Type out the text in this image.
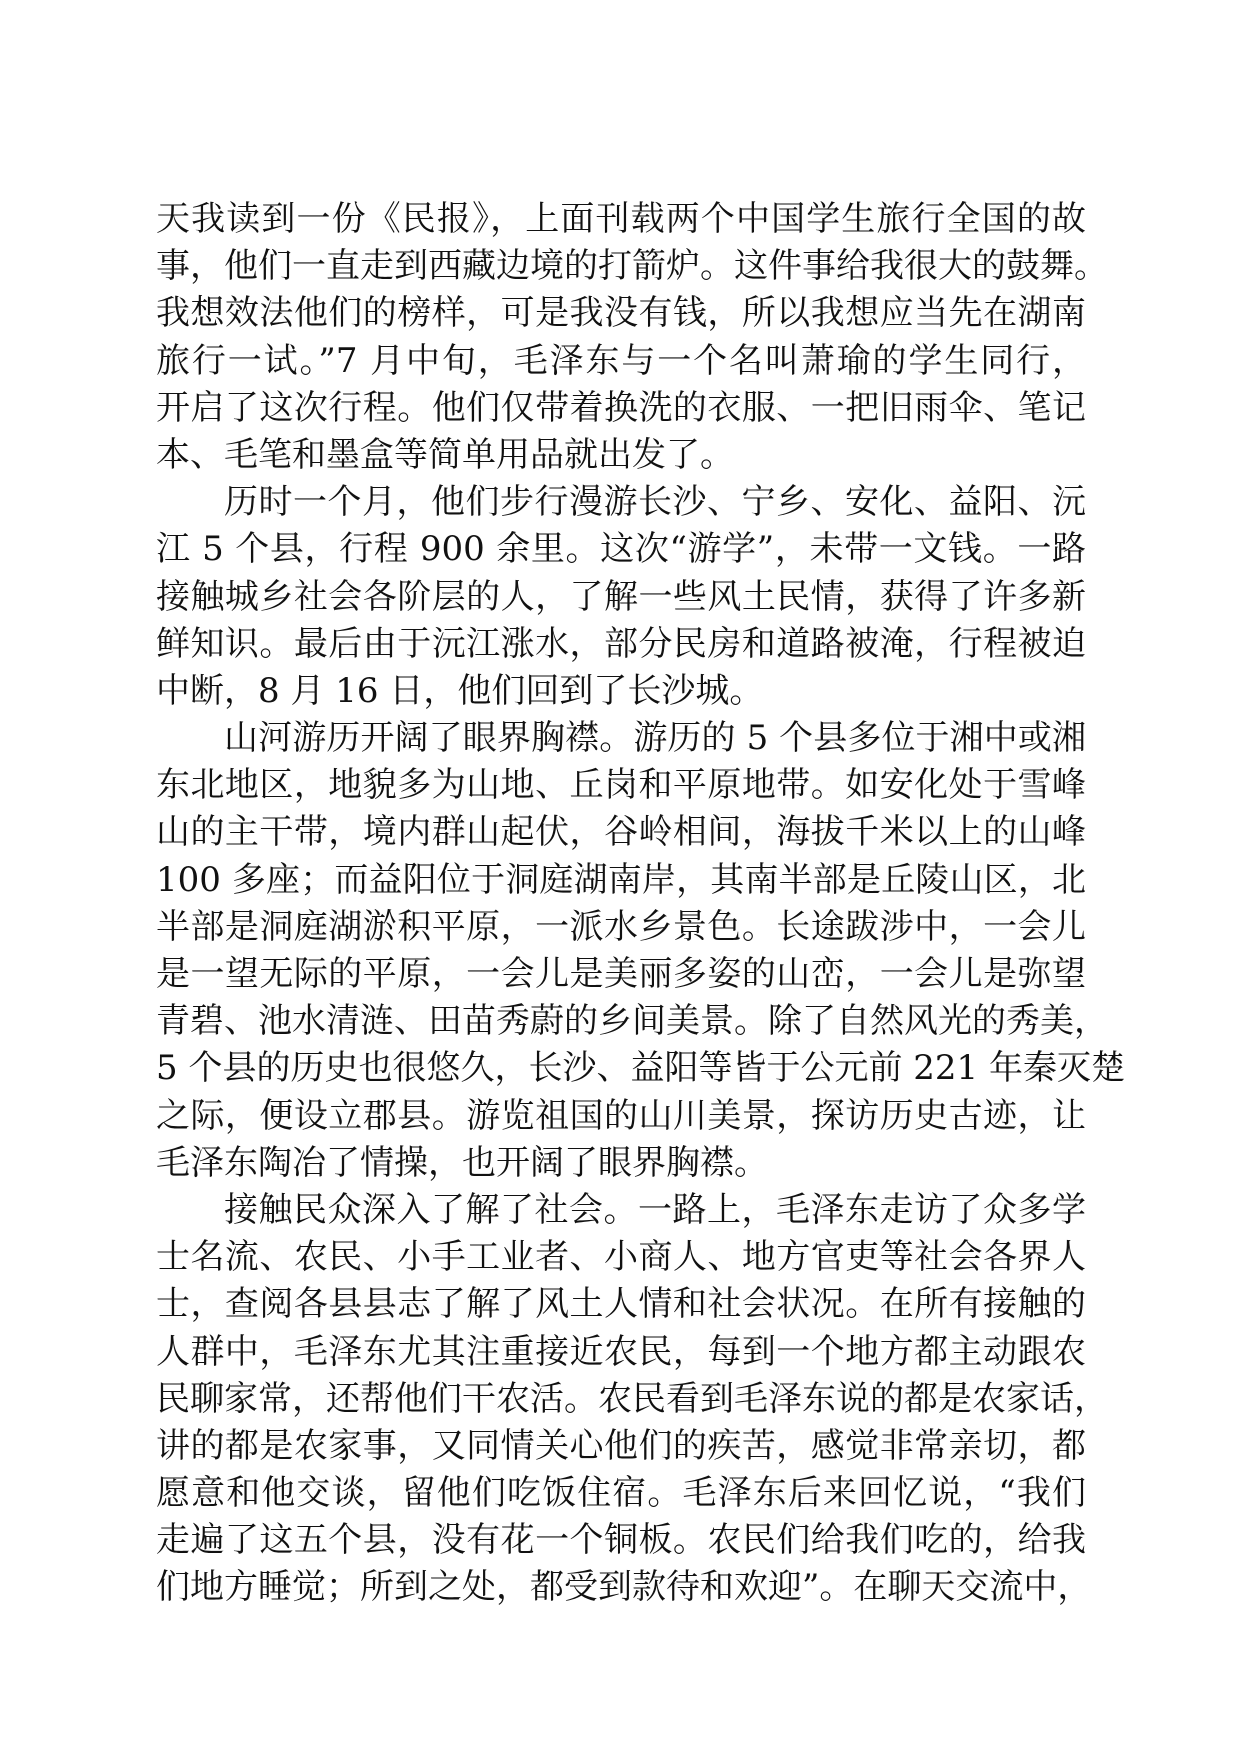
天我读到一份《民报》，上面刊载两个中国学生旅行全国的故
事，他们一直走到西藏边境的打箭炉。这件事给我很大的鼓舞。
我想效法他们的榜样，可是我没有钱，所以我想应当先在湖南
旅行一试。”7 月中旬，毛泽东与一个名叫萧瑜的学生同行，
开启了这次行程。他们仅带着换洗的衣服、一把旧雨伞、笔记
本、毛笔和墨盒等简单用品就出发了。
历时一个月，他们步行漫游长沙、宁乡、安化、益阳、沅
江 5 个县，行程 900 余里。这次“游学”，未带一文钱。一路
接触城乡社会各阶层的人，了解一些风土民情，获得了许多新
鲜知识。最后由于沅江涨水，部分民房和道路被淹，行程被迫
中断，8 月 16 日，他们回到了长沙城。
山河游历开阔了眼界胸襟。游历的 5 个县多位于湘中或湘
东北地区，地貌多为山地、丘岗和平原地带。如安化处于雪峰
山的主干带，境内群山起伏，谷岭相间，海拔千米以上的山峰
100 多座；而益阳位于洞庭湖南岸，其南半部是丘陵山区，北
半部是洞庭湖淤积平原，一派水乡景色。长途跋涉中，一会儿
是一望无际的平原，一会儿是美丽多姿的山峦，一会儿是弥望
青碧、池水清涟、田苗秀蔚的乡间美景。除了自然风光的秀美，
5 个县的历史也很悠久，长沙、益阳等皆于公元前 221 年秦灭楚
之际，便设立郡县。游览祖国的山川美景，探访历史古迹，让
毛泽东陶冶了情操，也开阔了眼界胸襟。
接触民众深入了解了社会。一路上，毛泽东走访了众多学
士名流、农民、小手工业者、小商人、地方官吏等社会各界人
士，查阅各县县志了解了风土人情和社会状况。在所有接触的
人群中，毛泽东尤其注重接近农民，每到一个地方都主动跟农
民聊家常，还帮他们干农活。农民看到毛泽东说的都是农家话，
讲的都是农家事，又同情关心他们的疾苦，感觉非常亲切，都
愿意和他交谈，留他们吃饭住宿。毛泽东后来回忆说，“我们
走遍了这五个县，没有花一个铜板。农民们给我们吃的，给我
们地方睡觉；所到之处，都受到款待和欢迎”。在聊天交流中，
